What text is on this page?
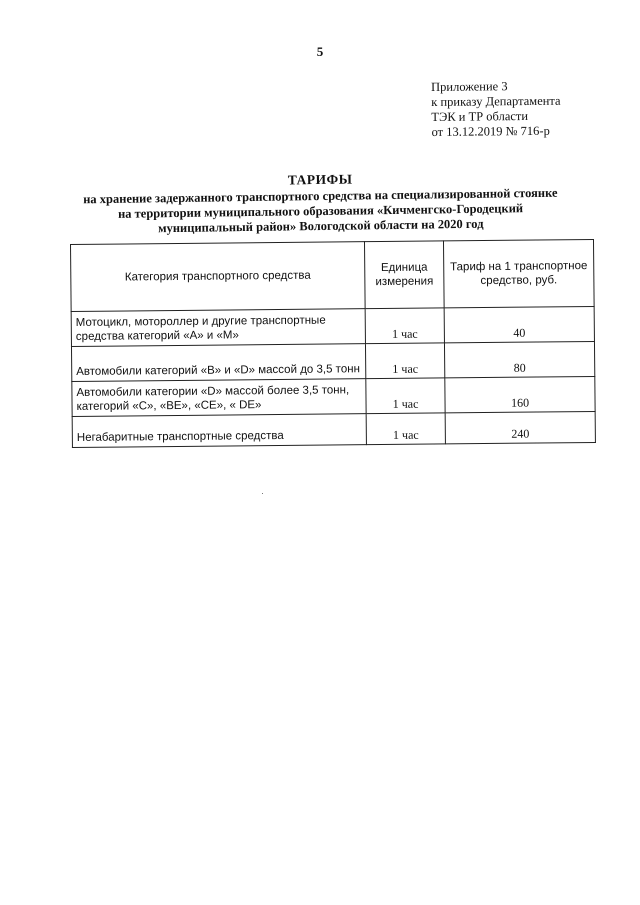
5
Приложение 3
к приказу Департамента
ТЭК и ТР области
от 13.12.2019 № 716-р
ТАРИФЫ
на хранение задержанного транспортного средства на специализированной стоянке
на территории муниципального образования «Кичменгско-Городецкий
муниципальный район» Вологодской области на 2020 год
Категория транспортного средства	Единица измерения	Тариф на 1 транспортное средство, руб.
Мотоцикл, мотороллер и другие транспортные средства категорий «А» и «М»	1 час	40
Автомобили категорий «В» и «D» массой до 3,5 тонн	1 час	80
Автомобили категории «D» массой более 3,5 тонн, категорий «С», «ВЕ», «СЕ», « DE»	1 час	160
Негабаритные транспортные средства	1 час	240
